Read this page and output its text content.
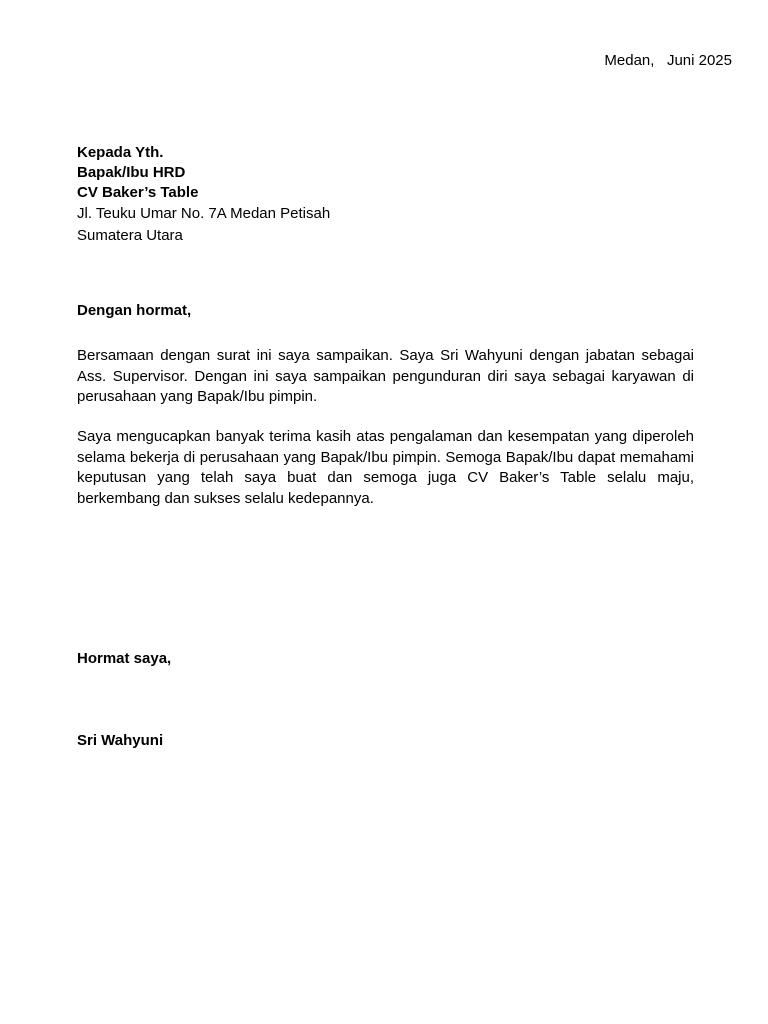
Medan,   Juni 2025
Kepada Yth.
Bapak/Ibu HRD
CV Baker’s Table
Jl. Teuku Umar No. 7A Medan Petisah
Sumatera Utara
Dengan hormat,

Bersamaan dengan surat ini saya sampaikan. Saya Sri Wahyuni dengan jabatan sebagai Ass. Supervisor. Dengan ini saya sampaikan pengunduran diri saya sebagai karyawan di perusahaan yang Bapak/Ibu pimpin.

Saya mengucapkan banyak terima kasih atas pengalaman dan kesempatan yang diperoleh selama bekerja di perusahaan yang Bapak/Ibu pimpin. Semoga Bapak/Ibu dapat memahami keputusan yang telah saya buat dan semoga juga CV Baker’s Table selalu maju, berkembang dan sukses selalu kedepannya.

Hormat saya,
Sri Wahyuni
